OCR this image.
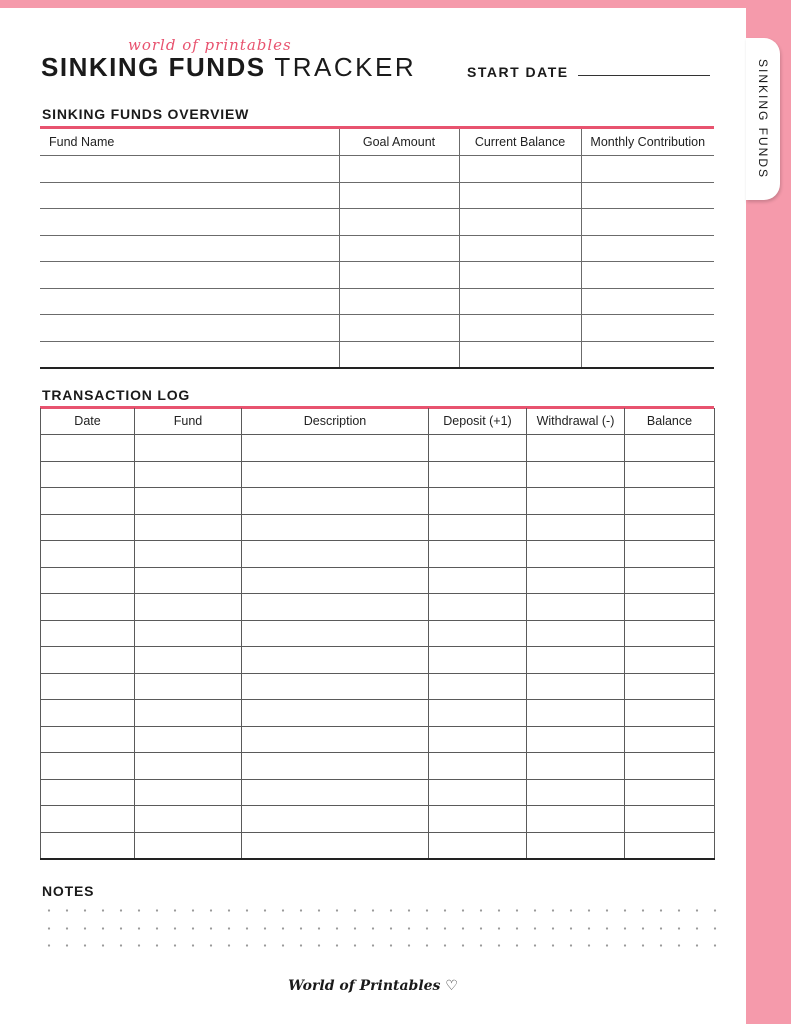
SINKING FUNDS
world of printables
SINKING FUNDS TRACKER	START DATE
SINKING FUNDS OVERVIEW
Fund Name	Goal Amount	Current Balance	Monthly Contribution

TRANSACTION LOG
Date	Fund	Description	Deposit (+1)	Withdrawal (-)	Balance

NOTES
World of Printables ♡
